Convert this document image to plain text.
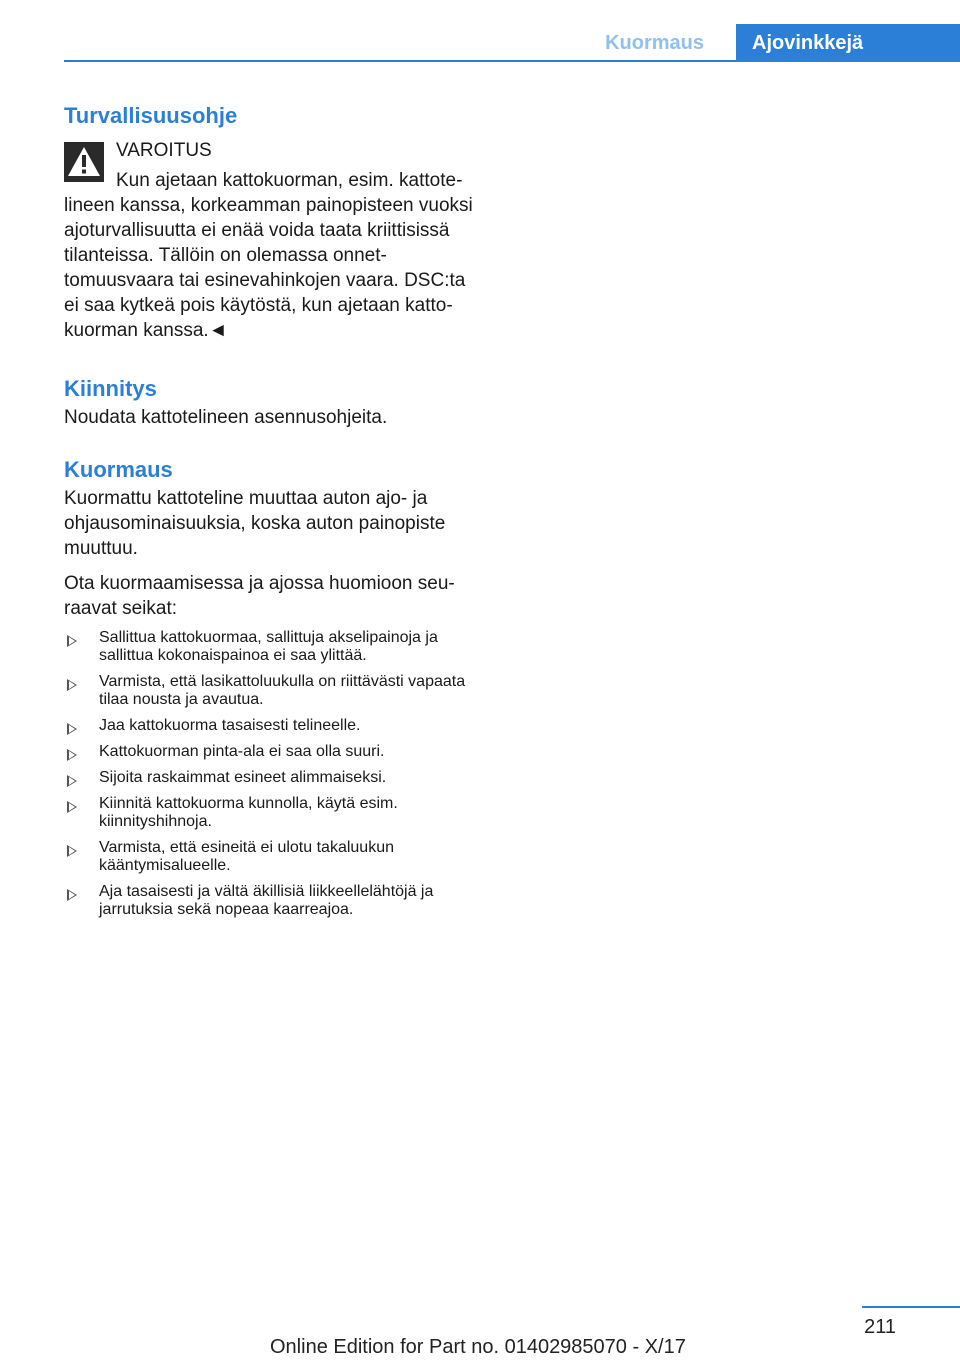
Kuormaus	Ajovinkkejä
Turvallisuusohje
VAROITUS

Kun ajetaan kattokuorman, esim. kattotelineen kanssa, korkeamman painopisteen vuoksi ajoturvallisuutta ei enää voida taata kriittisissä tilanteissa. Tällöin on olemassa onnettomuusvaara tai esinevahinkojen vaara. DSC:ta ei saa kytkeä pois käytöstä, kun ajetaan kattokuorman kanssa.◄

Kiinnitys

Noudata kattotelineen asennusohjeita.

Kuormaus

Kuormattu kattoteline muuttaa auton ajo- ja ohjausominaisuuksia, koska auton painopiste muuttuu.

Ota kuormaamisessa ja ajossa huomioon seuraavat seikat:

Sallittua kattokuormaa, sallittuja akselipainoja ja sallittua kokonaispainoa ei saa ylittää.
Varmista, että lasikattoluukulla on riittävästi vapaata tilaa nousta ja avautua.
Jaa kattokuorma tasaisesti telineelle.
Kattokuorman pinta-ala ei saa olla suuri.
Sijoita raskaimmat esineet alimmaiseksi.
Kiinnitä kattokuorma kunnolla, käytä esim. kiinnityshihnoja.
Varmista, että esineitä ei ulotu takaluukun kääntymisalueelle.
Aja tasaisesti ja vältä äkillisiä liikkeellelähtöjä ja jarrutuksia sekä nopeaa kaarreajoa.
211
Online Edition for Part no. 01402985070 - X/17
